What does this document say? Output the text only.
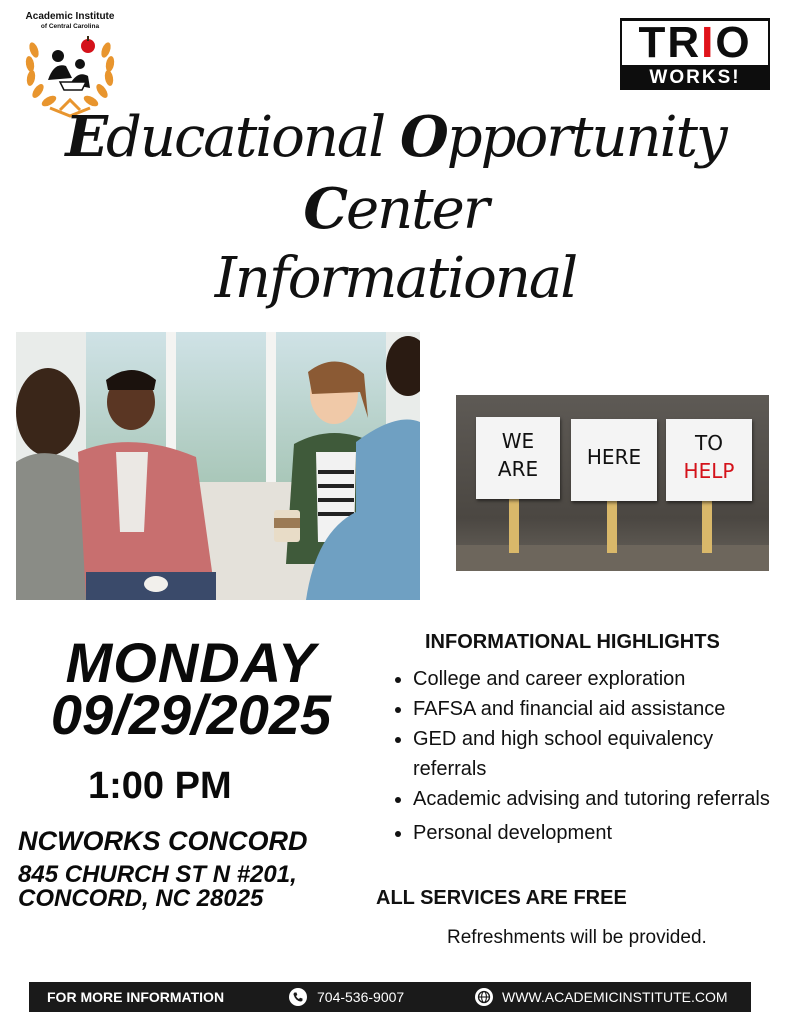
Academic Institute
of Central Carolina	TRIO
WORKS!
Educational Opportunity
Center
Informational
WE
ARE	HERE
TO
HELP
MONDAY
09/29/2025
1:00 PM
NCWORKS CONCORD
845 CHURCH ST N #201,
CONCORD, NC 28025
INFORMATIONAL HIGHLIGHTS
College and career exploration
FAFSA and financial aid assistance
GED and high school equivalency referrals
Academic advising and tutoring referrals
Personal development
ALL SERVICES ARE FREE
Refreshments will be provided.
FOR MORE INFORMATION	704-536-9007	WWW.ACADEMICINSTITUTE.COM
